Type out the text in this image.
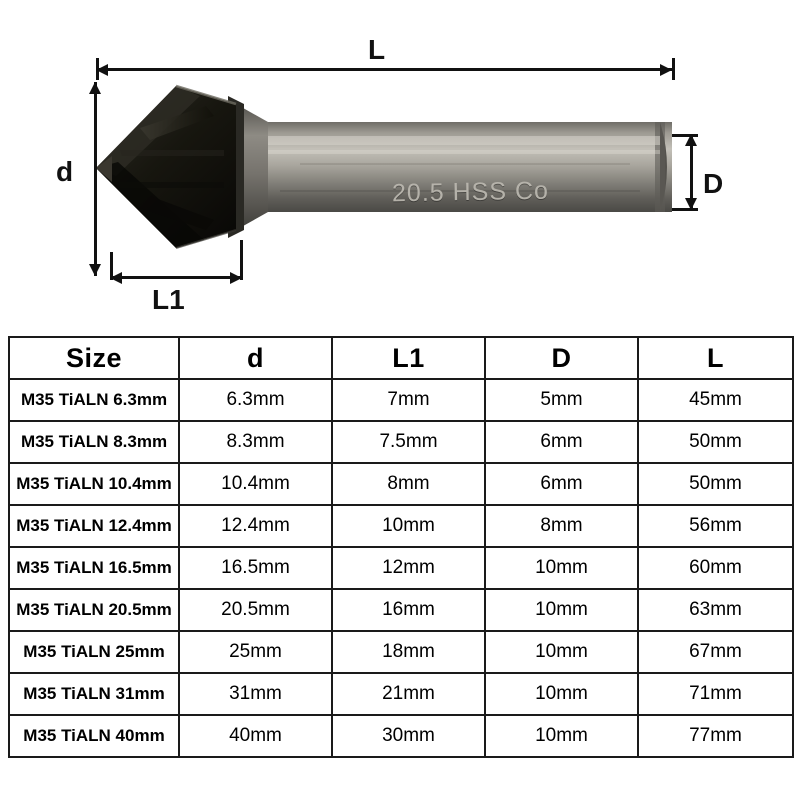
20.5 HSS Co
L
d	D
L1
Size	d	L1	D	L
M35 TiALN 6.3mm	6.3mm	7mm	5mm	45mm
M35 TiALN 8.3mm	8.3mm	7.5mm	6mm	50mm
M35 TiALN 10.4mm	10.4mm	8mm	6mm	50mm
M35 TiALN 12.4mm	12.4mm	10mm	8mm	56mm
M35 TiALN 16.5mm	16.5mm	12mm	10mm	60mm
M35 TiALN 20.5mm	20.5mm	16mm	10mm	63mm
M35 TiALN 25mm	25mm	18mm	10mm	67mm
M35 TiALN 31mm	31mm	21mm	10mm	71mm
M35 TiALN 40mm	40mm	30mm	10mm	77mm
